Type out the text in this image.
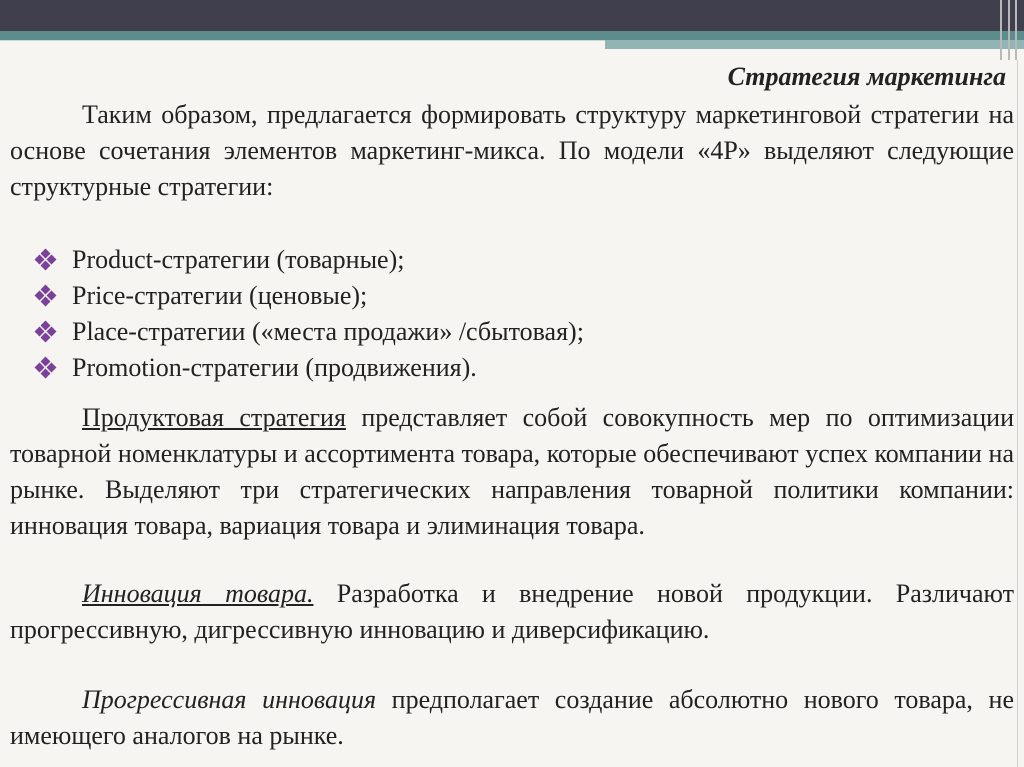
Стратегия маркетинга

Таким образом, предлагается формировать структуру маркетинговой стратегии на основе сочетания элементов маркетинг-микса. По модели «4P» выделяют следующие структурные стратегии:

Product-стратегии (товарные);
Price-стратегии (ценовые);
Place-стратегии («места продажи» /сбытовая);
Promotion-стратегии (продвижения).

Продуктовая стратегия представляет собой совокупность мер по оптимизации товарной номенклатуры и ассортимента товара, которые обеспечивают успех компании на рынке. Выделяют три стратегических направления товарной политики компании: инновация товара, вариация товара и элиминация товара.

Инновация товара. Разработка и внедрение новой продукции. Различают прогрессивную, дигрессивную инновацию и диверсификацию.

Прогрессивная инновация предполагает создание абсолютно нового товара, не имеющего аналогов на рынке.
